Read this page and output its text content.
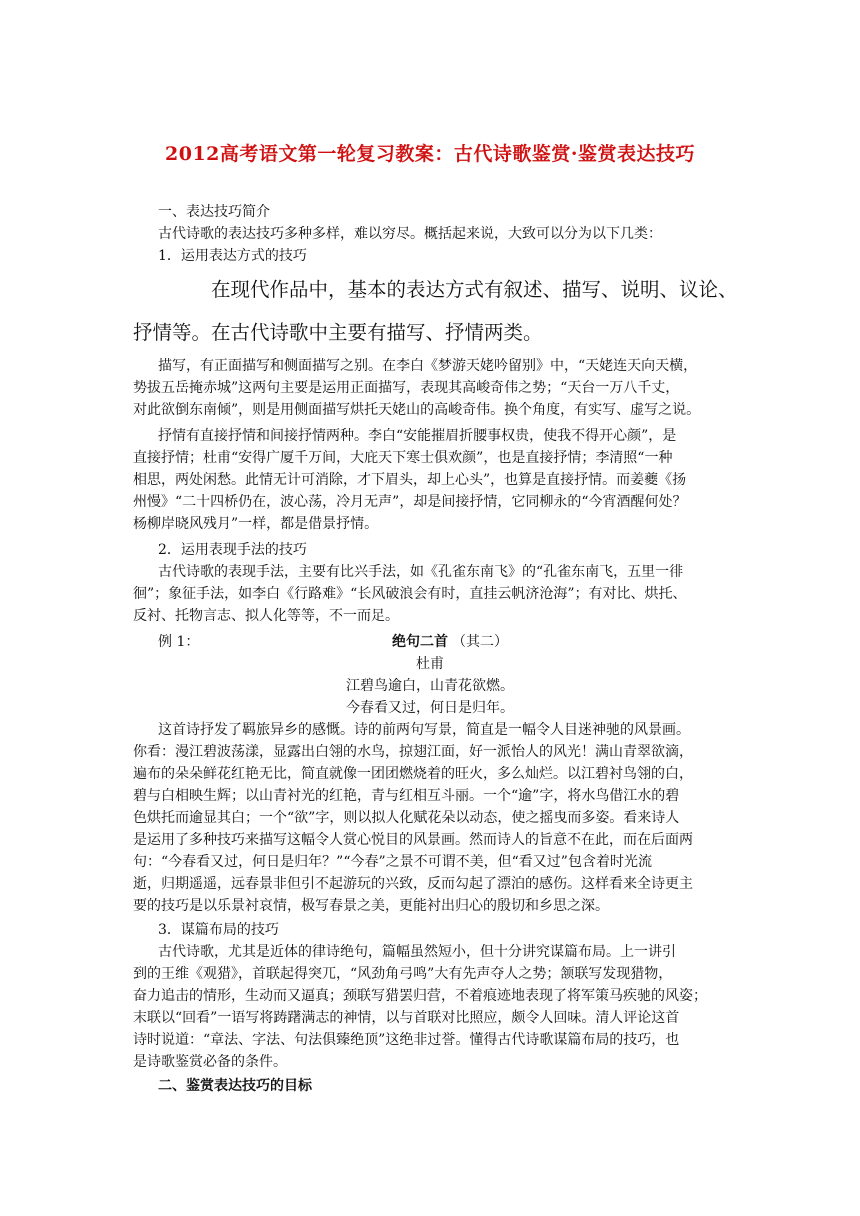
2012高考语文第一轮复习教案：古代诗歌鉴赏·鉴赏表达技巧
一、表达技巧简介
古代诗歌的表达技巧多种多样，难以穷尽。概括起来说，大致可以分为以下几类：
1．运用表达方式的技巧
在现代作品中，基本的表达方式有叙述、描写、说明、议论、
抒情等。在古代诗歌中主要有描写、抒情两类。
描写，有正面描写和侧面描写之别。在李白《梦游天姥吟留别》中，“天姥连天向天横，
势拔五岳掩赤城”这两句主要是运用正面描写，表现其高峻奇伟之势；“天台一万八千丈，
对此欲倒东南倾”，则是用侧面描写烘托天姥山的高峻奇伟。换个角度，有实写、虚写之说。
抒情有直接抒情和间接抒情两种。李白“安能摧眉折腰事权贵，使我不得开心颜”，是
直接抒情；杜甫“安得广厦千万间，大庇天下寒士俱欢颜”，也是直接抒情；李清照“一种
相思，两处闲愁。此情无计可消除，才下眉头，却上心头”，也算是直接抒情。而姜夔《扬
州慢》“二十四桥仍在，波心荡，冷月无声”，却是间接抒情，它同柳永的“今宵酒醒何处？
杨柳岸晓风残月”一样，都是借景抒情。
2．运用表现手法的技巧
古代诗歌的表现手法，主要有比兴手法，如《孔雀东南飞》的“孔雀东南飞，五里一徘
徊”；象征手法，如李白《行路难》“长风破浪会有时，直挂云帆济沧海”；有对比、烘托、
反衬、托物言志、拟人化等等，不一而足。
例 1：	绝句二首 （其二）
杜甫
江碧鸟逾白，山青花欲燃。
今春看又过，何日是归年。
这首诗抒发了羁旅异乡的感慨。诗的前两句写景，简直是一幅令人目迷神驰的风景画。
你看：漫江碧波荡漾，显露出白翎的水鸟，掠翅江面，好一派怡人的风光！满山青翠欲滴，
遍布的朵朵鲜花红艳无比，简直就像一团团燃烧着的旺火，多么灿烂。以江碧衬鸟翎的白，
碧与白相映生辉；以山青衬光的红艳，青与红相互斗丽。一个“逾”字，将水鸟借江水的碧
色烘托而逾显其白；一个“欲”字，则以拟人化赋花朵以动态，使之摇曳而多姿。看来诗人
是运用了多种技巧来描写这幅令人赏心悦目的风景画。然而诗人的旨意不在此，而在后面两
句：“今春看又过，何日是归年？”“今春”之景不可谓不美，但“看又过”包含着时光流
逝，归期遥遥，远春景非但引不起游玩的兴致，反而勾起了漂泊的感伤。这样看来全诗更主
要的技巧是以乐景衬哀情，极写春景之美，更能衬出归心的殷切和乡思之深。
3．谋篇布局的技巧
古代诗歌，尤其是近体的律诗绝句，篇幅虽然短小，但十分讲究谋篇布局。上一讲引
到的王维《观猎》，首联起得突兀，“风劲角弓鸣”大有先声夺人之势；颔联写发现猎物，
奋力追击的情形，生动而又逼真；颈联写猎罢归营，不着痕迹地表现了将军策马疾驰的风姿；
末联以“回看”一语写将踌躇满志的神情，以与首联对比照应，颇令人回味。清人评论这首
诗时说道：“章法、字法、句法俱臻绝顶”这绝非过誉。懂得古代诗歌谋篇布局的技巧，也
是诗歌鉴赏必备的条件。
二、鉴赏表达技巧的目标
